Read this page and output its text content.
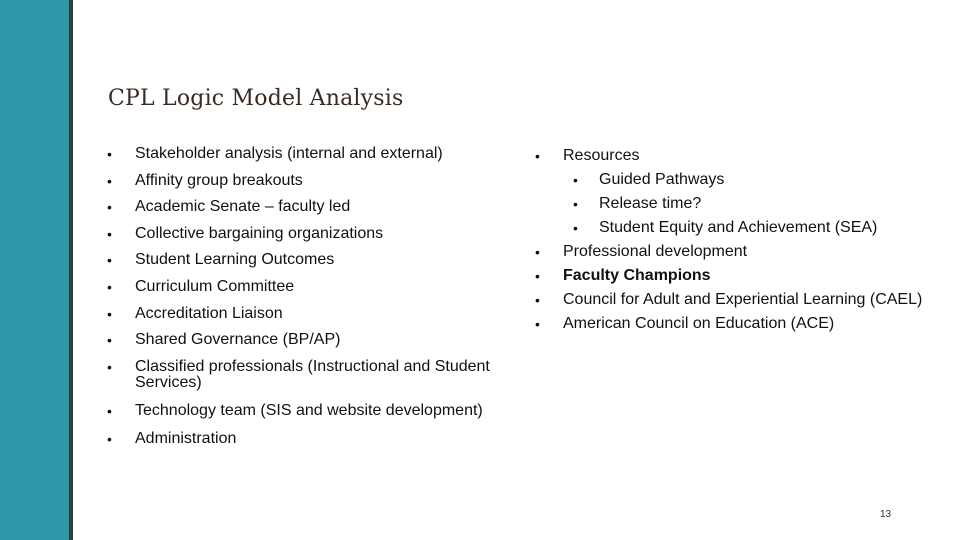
CPL Logic Model Analysis
• Stakeholder analysis (internal and external)
• Affinity group breakouts
• Academic Senate – faculty led
• Collective bargaining organizations
• Student Learning Outcomes
• Curriculum Committee
• Accreditation Liaison
• Shared Governance (BP/AP)
• Classified professionals (Instructional and Student Services)
• Technology team (SIS and website development)
• Administration
• Resources
• Guided Pathways
• Release time?
• Student Equity and Achievement (SEA)
• Professional development
• Faculty Champions
• Council for Adult and Experiential Learning (CAEL)
• American Council on Education (ACE)
13
